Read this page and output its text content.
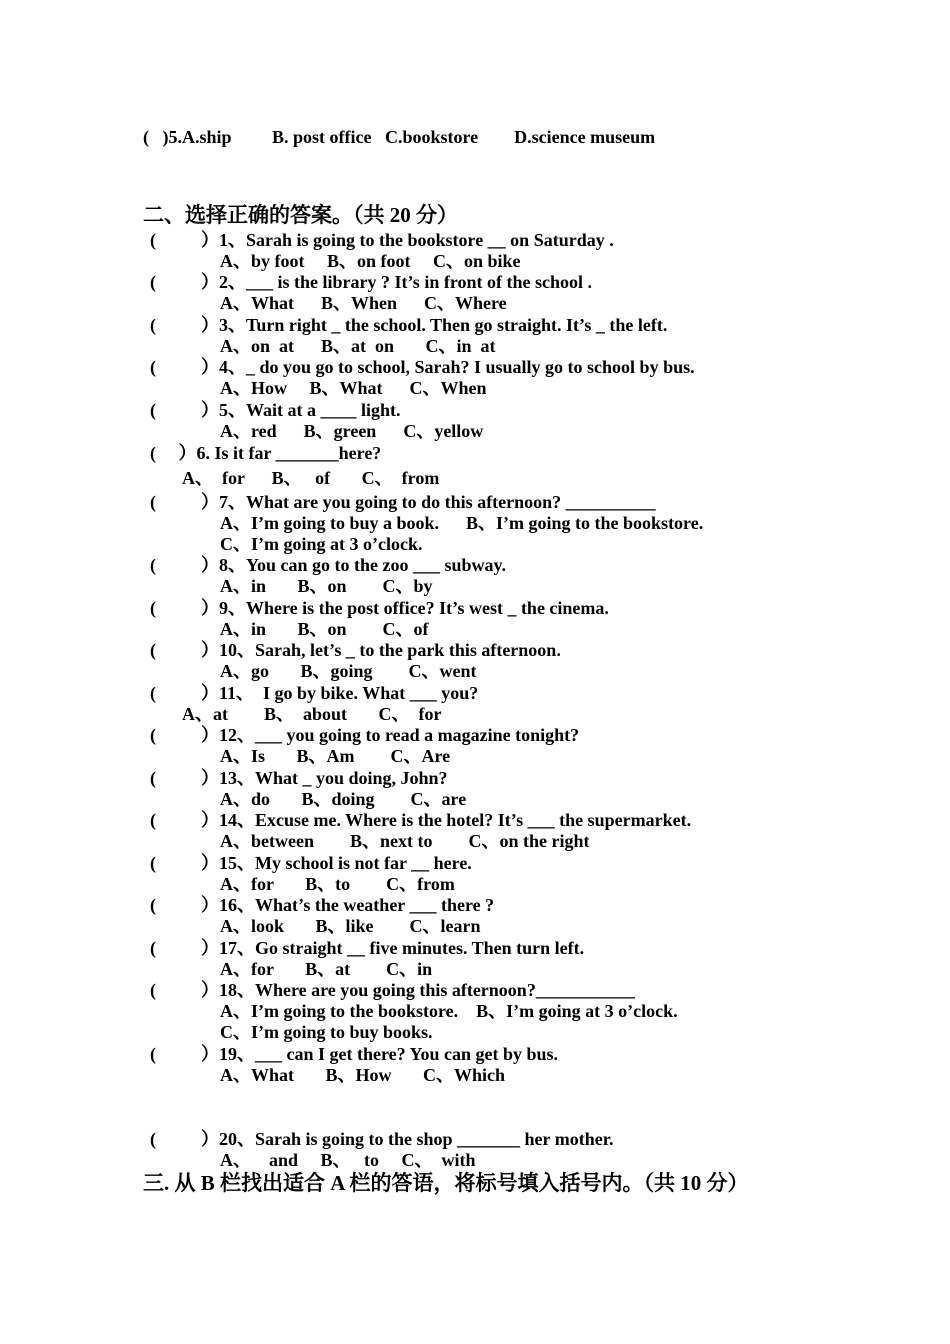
(   )5.A.ship         B. post office   C.bookstore        D.science museum
二、选择正确的答案。（共 20 分）
(          ）1、Sarah is going to the bookstore __ on Saturday .
A、by foot     B、on foot     C、on bike
(          ）2、___ is the library ? It’s in front of the school .
A、What      B、When      C、Where
(          ）3、Turn right _ the school. Then go straight. It’s _ the left.
A、on  at      B、at  on       C、in  at
(          ）4、_ do you go to school, Sarah? I usually go to school by bus.
A、How     B、What      C、When
(          ）5、Wait at a ____ light.
A、red      B、green      C、yellow
(     ）6. Is it far _______here?
A、  for      B、   of       C、  from
(          ）7、What are you going to do this afternoon? __________
A、I’m going to buy a book.      B、I’m going to the bookstore.
C、I’m going at 3 o’clock.
(          ）8、You can go to the zoo ___ subway.
A、in       B、on        C、by
(          ）9、Where is the post office? It’s west _ the cinema.
A、in       B、on        C、of
(          ）10、Sarah, let’s _ to the park this afternoon.
A、go       B、going        C、went
(          ）11、  I go by bike. What ___ you?
A、at        B、  about       C、  for
(          ）12、___ you going to read a magazine tonight?
A、Is       B、Am        C、Are
(          ）13、What _ you doing, John?
A、do       B、doing        C、are
(          ）14、Excuse me. Where is the hotel? It’s ___ the supermarket.
A、between        B、next to        C、on the right
(          ）15、My school is not far __ here.
A、for       B、to        C、from
(          ）16、What’s the weather ___ there ?
A、look       B、like        C、learn
(          ）17、Go straight __ five minutes. Then turn left.
A、for       B、at        C、in
(          ）18、Where are you going this afternoon?___________
A、I’m going to the bookstore.    B、I’m going at 3 o’clock.
C、I’m going to buy books.
(          ）19、___ can I get there? You can get by bus.
A、What       B、How       C、Which
(          ）20、Sarah is going to the shop _______ her mother.
A、    and     B、   to     C、  with
三. 从 B 栏找出适合 A 栏的答语，将标号填入括号内。（共 10 分）
